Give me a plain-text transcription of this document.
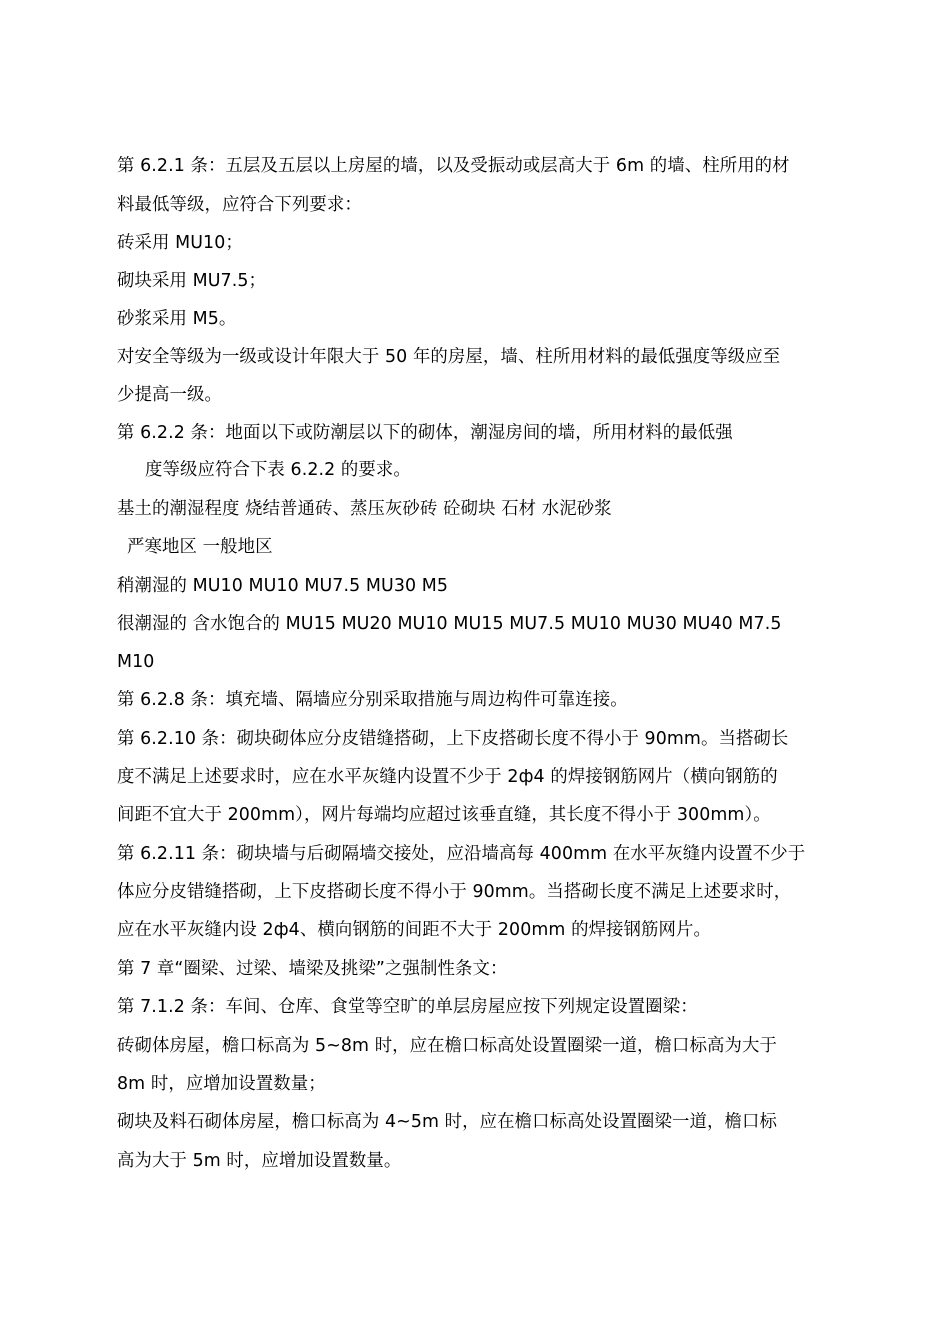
第 6.2.1 条：五层及五层以上房屋的墙，以及受振动或层高大于 6m 的墙、柱所用的材
料最低等级，应符合下列要求：
砖采用 MU10；
砌块采用 MU7.5；
砂浆采用 M5。
对安全等级为一级或设计年限大于 50 年的房屋，墙、柱所用材料的最低强度等级应至
少提高一级。
第 6.2.2 条：地面以下或防潮层以下的砌体，潮湿房间的墙，所用材料的最低强
度等级应符合下表 6.2.2 的要求。
基土的潮湿程度 烧结普通砖、蒸压灰砂砖 砼砌块 石材 水泥砂浆
严寒地区 一般地区
稍潮湿的 MU10 MU10 MU7.5 MU30 M5
很潮湿的 含水饱合的 MU15 MU20 MU10 MU15 MU7.5 MU10 MU30 MU40 M7.5
M10
第 6.2.8 条：填充墙、隔墙应分别采取措施与周边构件可靠连接。
第 6.2.10 条：砌块砌体应分皮错缝搭砌，上下皮搭砌长度不得小于 90mm。当搭砌长
度不满足上述要求时，应在水平灰缝内设置不少于 2ф4 的焊接钢筋网片（横向钢筋的
间距不宜大于 200mm），网片每端均应超过该垂直缝，其长度不得小于 300mm）。
第 6.2.11 条：砌块墙与后砌隔墙交接处，应沿墙高每 400mm 在水平灰缝内设置不少于
体应分皮错缝搭砌，上下皮搭砌长度不得小于 90mm。当搭砌长度不满足上述要求时，
应在水平灰缝内设 2ф4、横向钢筋的间距不大于 200mm 的焊接钢筋网片。
第 7 章“圈梁、过梁、墙梁及挑梁”之强制性条文：
第 7.1.2 条：车间、仓库、食堂等空旷的单层房屋应按下列规定设置圈梁：
砖砌体房屋，檐口标高为 5~8m 时，应在檐口标高处设置圈梁一道，檐口标高为大于
8m 时，应增加设置数量；
砌块及料石砌体房屋，檐口标高为 4~5m 时，应在檐口标高处设置圈梁一道，檐口标
高为大于 5m 时，应增加设置数量。
